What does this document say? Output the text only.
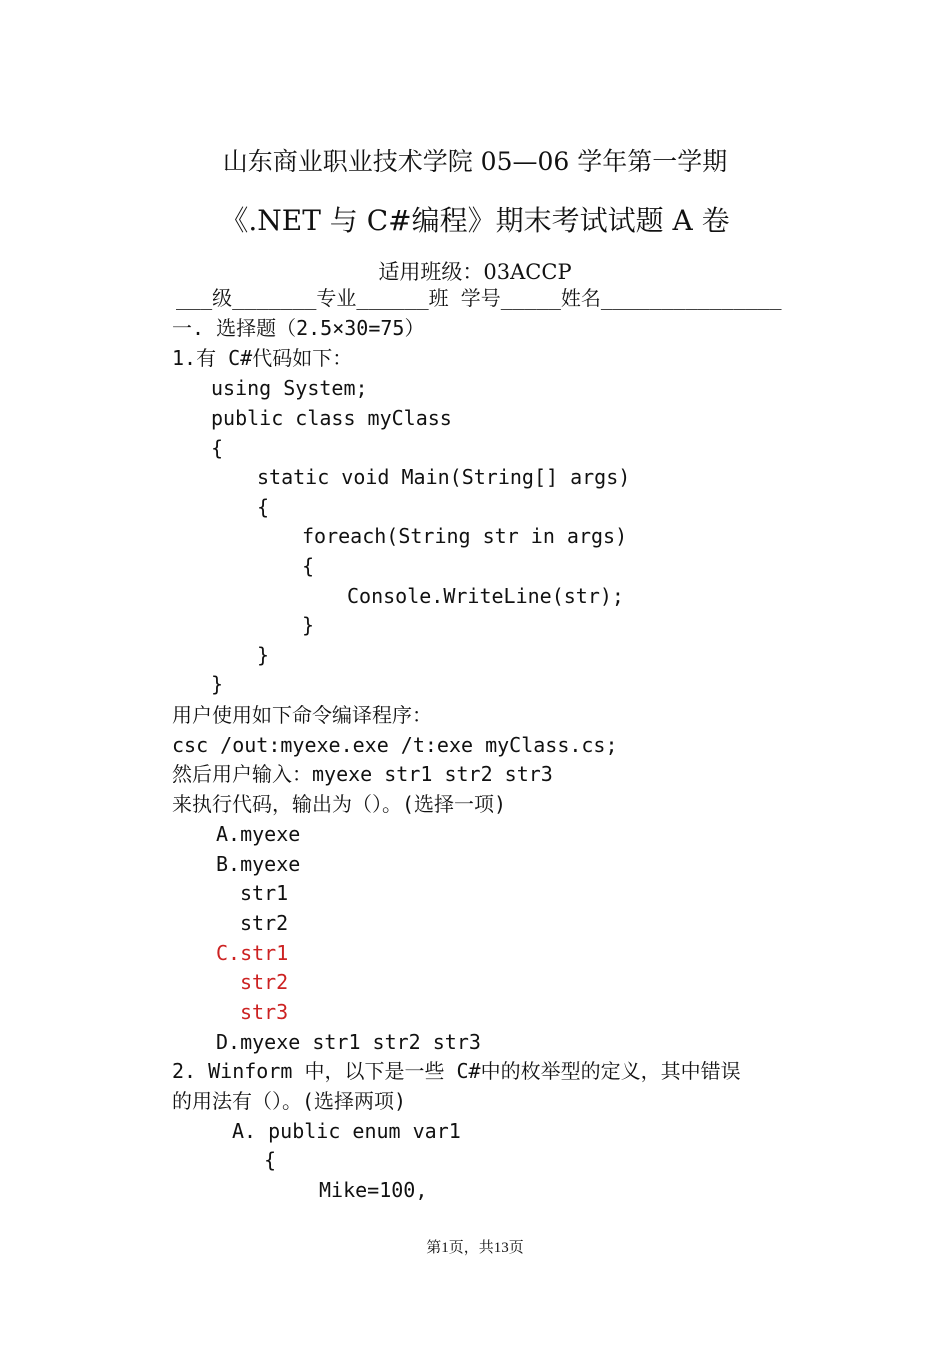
山东商业职业技术学院 05—06 学年第一学期
《.NET 与 C#编程》期末考试试题 A 卷
适用班级：03ACCP
___级_______专业______班 学号_____姓名_______________
一. 选择题（2.5×30=75）
1.有 C#代码如下：
using System;
public class myClass
{
static void Main(String[] args)
{
foreach(String str in args)
{
Console.WriteLine(str);
}
}
}
用户使用如下命令编译程序：
csc /out:myexe.exe /t:exe myClass.cs;
然后用户输入：myexe str1 str2 str3
来执行代码，输出为（）。(选择一项)
A.myexe
B.myexe
str1
str2
C.str1
str2
str3
D.myexe str1 str2 str3
2. Winform 中，以下是一些 C#中的枚举型的定义，其中错误
的用法有（）。(选择两项)
A. public enum var1
{
Mike=100,
第1页，共13页
